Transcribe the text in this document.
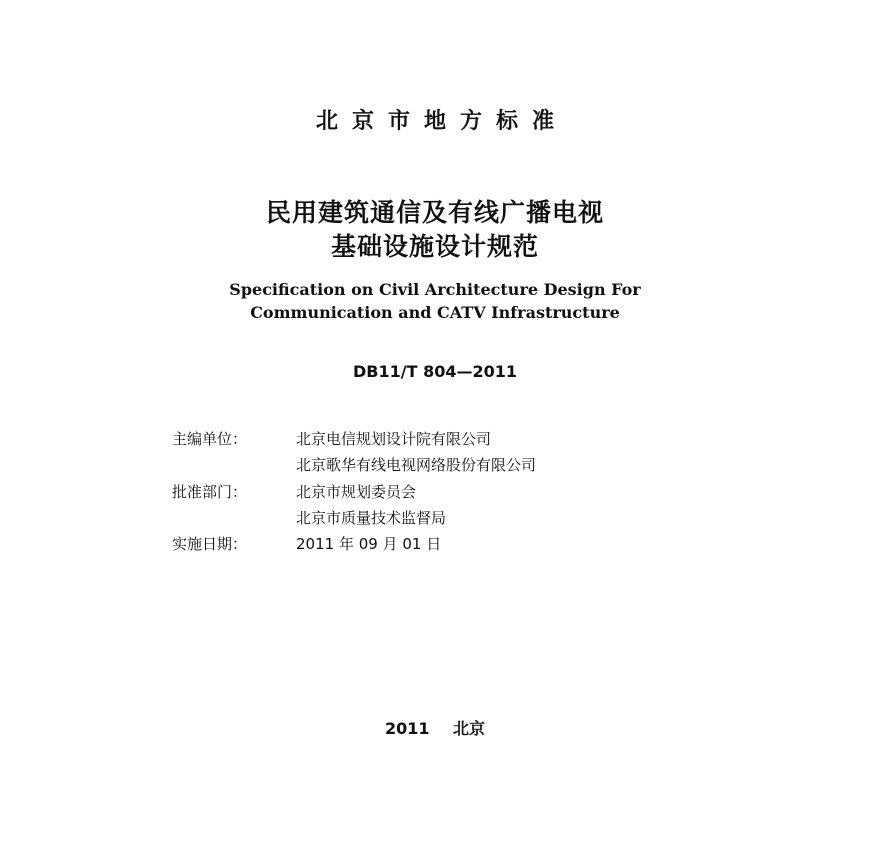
北京市地方标准
民用建筑通信及有线广播电视
基础设施设计规范
Specification on Civil Architecture Design For
Communication and CATV Infrastructure
DB11/T 804—2011
主编单位：	北京电信规划设计院有限公司
北京歌华有线电视网络股份有限公司
批准部门：	北京市规划委员会
北京市质量技术监督局
实施日期：	2011 年 09 月 01 日
2011 北京
